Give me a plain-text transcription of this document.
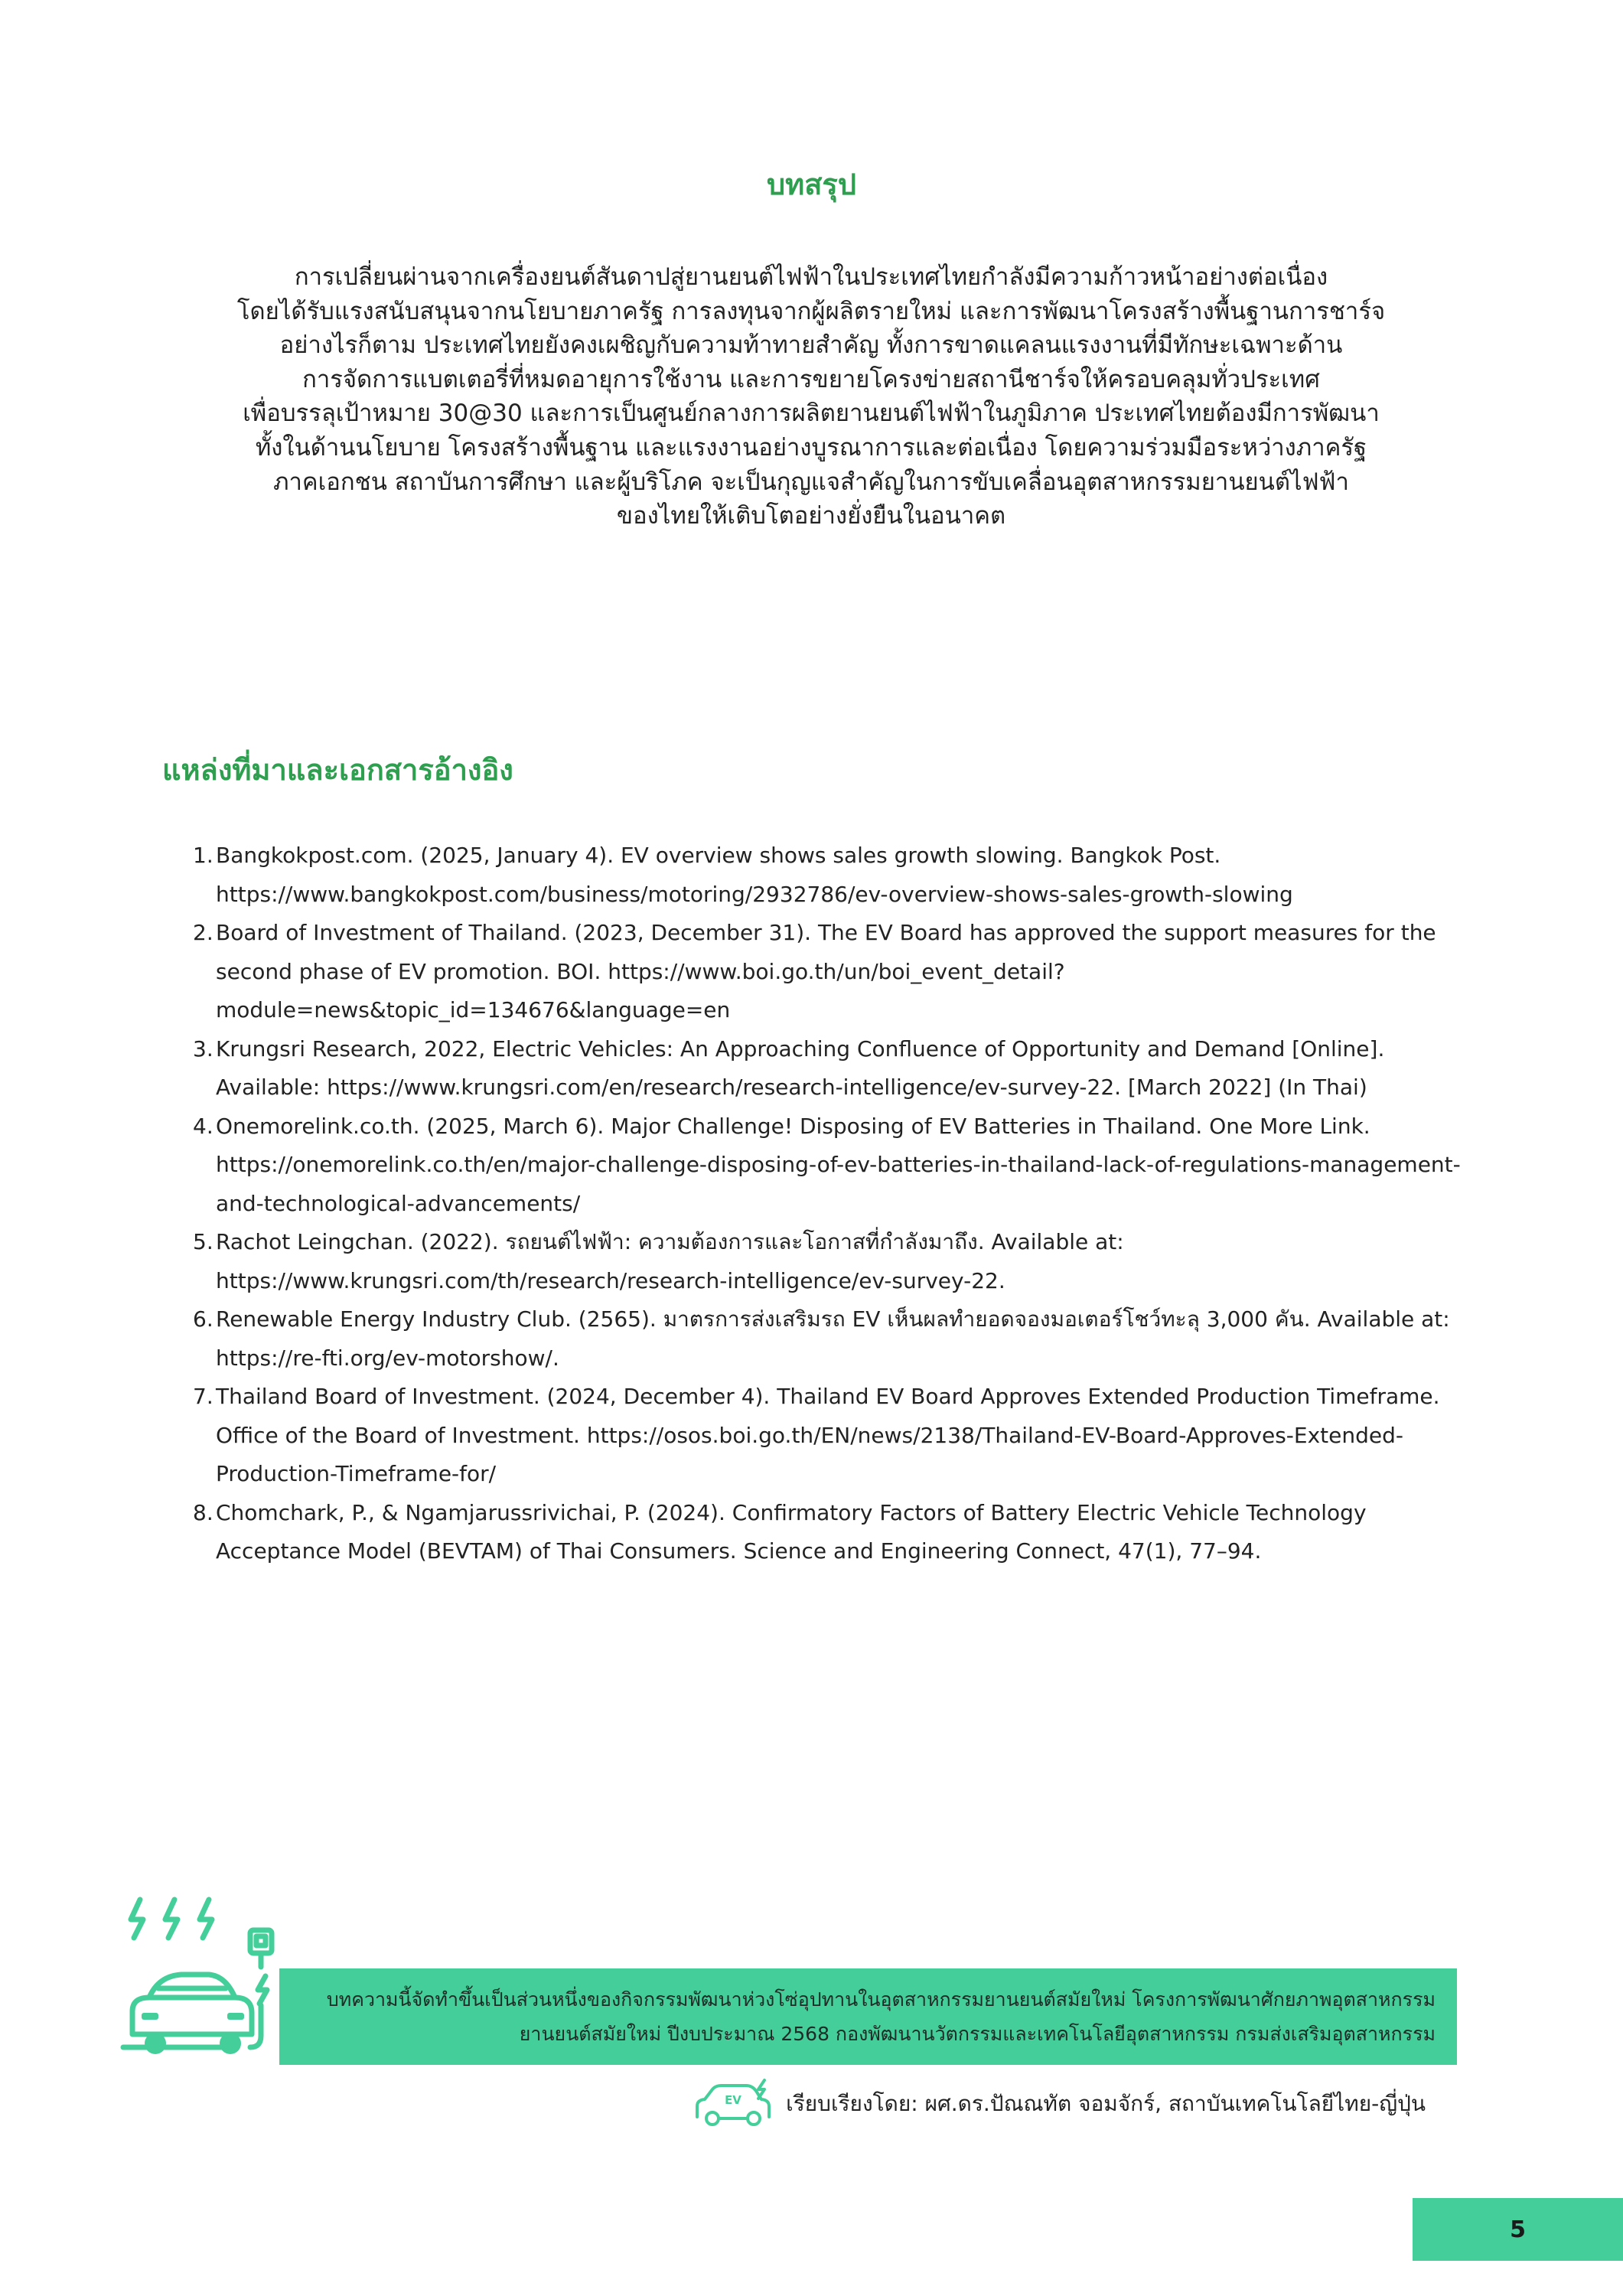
บทสรุป
การเปลี่ยนผ่านจากเครื่องยนต์สันดาปสู่ยานยนต์ไฟฟ้าในประเทศไทยกำลังมีความก้าวหน้าอย่างต่อเนื่อง
โดยได้รับแรงสนับสนุนจากนโยบายภาครัฐ การลงทุนจากผู้ผลิตรายใหม่ และการพัฒนาโครงสร้างพื้นฐานการชาร์จ
อย่างไรก็ตาม ประเทศไทยยังคงเผชิญกับความท้าทายสำคัญ ทั้งการขาดแคลนแรงงานที่มีทักษะเฉพาะด้าน
การจัดการแบตเตอรี่ที่หมดอายุการใช้งาน และการขยายโครงข่ายสถานีชาร์จให้ครอบคลุมทั่วประเทศ
เพื่อบรรลุเป้าหมาย 30@30 และการเป็นศูนย์กลางการผลิตยานยนต์ไฟฟ้าในภูมิภาค ประเทศไทยต้องมีการพัฒนา
ทั้งในด้านนโยบาย โครงสร้างพื้นฐาน และแรงงานอย่างบูรณาการและต่อเนื่อง โดยความร่วมมือระหว่างภาครัฐ
ภาคเอกชน สถาบันการศึกษา และผู้บริโภค จะเป็นกุญแจสำคัญในการขับเคลื่อนอุตสาหกรรมยานยนต์ไฟฟ้า
ของไทยให้เติบโตอย่างยั่งยืนในอนาคต
แหล่งที่มาและเอกสารอ้างอิง
1. Bangkokpost.com. (2025, January 4). EV overview shows sales growth slowing. Bangkok Post.
https://www.bangkokpost.com/business/motoring/2932786/ev-overview-shows-sales-growth-slowing
2. Board of Investment of Thailand. (2023, December 31). The EV Board has approved the support measures for the
second phase of EV promotion. BOI. https://www.boi.go.th/un/boi_event_detail?
module=news&topic_id=134676&language=en
3. Krungsri Research, 2022, Electric Vehicles: An Approaching Confluence of Opportunity and Demand [Online].
Available: https://www.krungsri.com/en/research/research-intelligence/ev-survey-22. [March 2022] (In Thai)
4. Onemorelink.co.th. (2025, March 6). Major Challenge! Disposing of EV Batteries in Thailand. One More Link.
https://onemorelink.co.th/en/major-challenge-disposing-of-ev-batteries-in-thailand-lack-of-regulations-management-
and-technological-advancements/
5. Rachot Leingchan. (2022). รถยนต์ไฟฟ้า: ความต้องการและโอกาสที่กำลังมาถึง. Available at:
https://www.krungsri.com/th/research/research-intelligence/ev-survey-22.
6. Renewable Energy Industry Club. (2565). มาตรการส่งเสริมรถ EV เห็นผลทำยอดจองมอเตอร์โชว์ทะลุ 3,000 คัน. Available at:
https://re-fti.org/ev-motorshow/.
7. Thailand Board of Investment. (2024, December 4). Thailand EV Board Approves Extended Production Timeframe.
Office of the Board of Investment. https://osos.boi.go.th/EN/news/2138/Thailand-EV-Board-Approves-Extended-
Production-Timeframe-for/
8. Chomchark, P., & Ngamjarussrivichai, P. (2024). Confirmatory Factors of Battery Electric Vehicle Technology
Acceptance Model (BEVTAM) of Thai Consumers. Science and Engineering Connect, 47(1), 77–94.
บทความนี้จัดทำขึ้นเป็นส่วนหนึ่งของกิจกรรมพัฒนาห่วงโซ่อุปทานในอุตสาหกรรมยานยนต์สมัยใหม่ โครงการพัฒนาศักยภาพอุตสาหกรรม
ยานยนต์สมัยใหม่ ปีงบประมาณ 2568 กองพัฒนานวัตกรรมและเทคโนโลยีอุตสาหกรรม กรมส่งเสริมอุตสาหกรรม
EV เรียบเรียงโดย: ผศ.ดร.ปัณณทัต จอมจักร์, สถาบันเทคโนโลยีไทย-ญี่ปุ่น
5
